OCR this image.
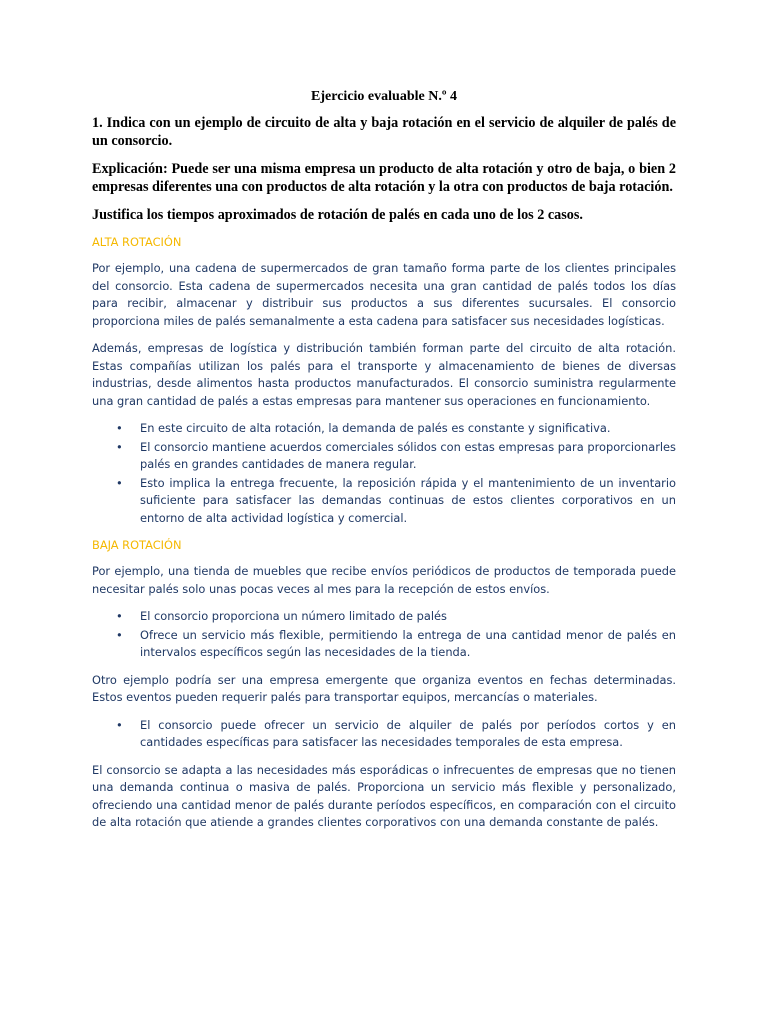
Ejercicio evaluable N.º 4

1. Indica con un ejemplo de circuito de alta y baja rotación en el servicio de alquiler de palés de un consorcio.

Explicación: Puede ser una misma empresa un producto de alta rotación y otro de baja, o bien 2 empresas diferentes una con productos de alta rotación y la otra con productos de baja rotación.

Justifica los tiempos aproximados de rotación de palés en cada uno de los 2 casos.

ALTA ROTACIÓN

Por ejemplo, una cadena de supermercados de gran tamaño forma parte de los clientes principales del consorcio. Esta cadena de supermercados necesita una gran cantidad de palés todos los días para recibir, almacenar y distribuir sus productos a sus diferentes sucursales. El consorcio proporciona miles de palés semanalmente a esta cadena para satisfacer sus necesidades logísticas.

Además, empresas de logística y distribución también forman parte del circuito de alta rotación. Estas compañías utilizan los palés para el transporte y almacenamiento de bienes de diversas industrias, desde alimentos hasta productos manufacturados. El consorcio suministra regularmente una gran cantidad de palés a estas empresas para mantener sus operaciones en funcionamiento.

• En este circuito de alta rotación, la demanda de palés es constante y significativa.
• El consorcio mantiene acuerdos comerciales sólidos con estas empresas para proporcionarles palés en grandes cantidades de manera regular.
• Esto implica la entrega frecuente, la reposición rápida y el mantenimiento de un inventario suficiente para satisfacer las demandas continuas de estos clientes corporativos en un entorno de alta actividad logística y comercial.

BAJA ROTACIÓN

Por ejemplo, una tienda de muebles que recibe envíos periódicos de productos de temporada puede necesitar palés solo unas pocas veces al mes para la recepción de estos envíos.

• El consorcio proporciona un número limitado de palés
• Ofrece un servicio más flexible, permitiendo la entrega de una cantidad menor de palés en intervalos específicos según las necesidades de la tienda.

Otro ejemplo podría ser una empresa emergente que organiza eventos en fechas determinadas. Estos eventos pueden requerir palés para transportar equipos, mercancías o materiales.

• El consorcio puede ofrecer un servicio de alquiler de palés por períodos cortos y en cantidades específicas para satisfacer las necesidades temporales de esta empresa.

El consorcio se adapta a las necesidades más esporádicas o infrecuentes de empresas que no tienen una demanda continua o masiva de palés. Proporciona un servicio más flexible y personalizado, ofreciendo una cantidad menor de palés durante períodos específicos, en comparación con el circuito de alta rotación que atiende a grandes clientes corporativos con una demanda constante de palés.
